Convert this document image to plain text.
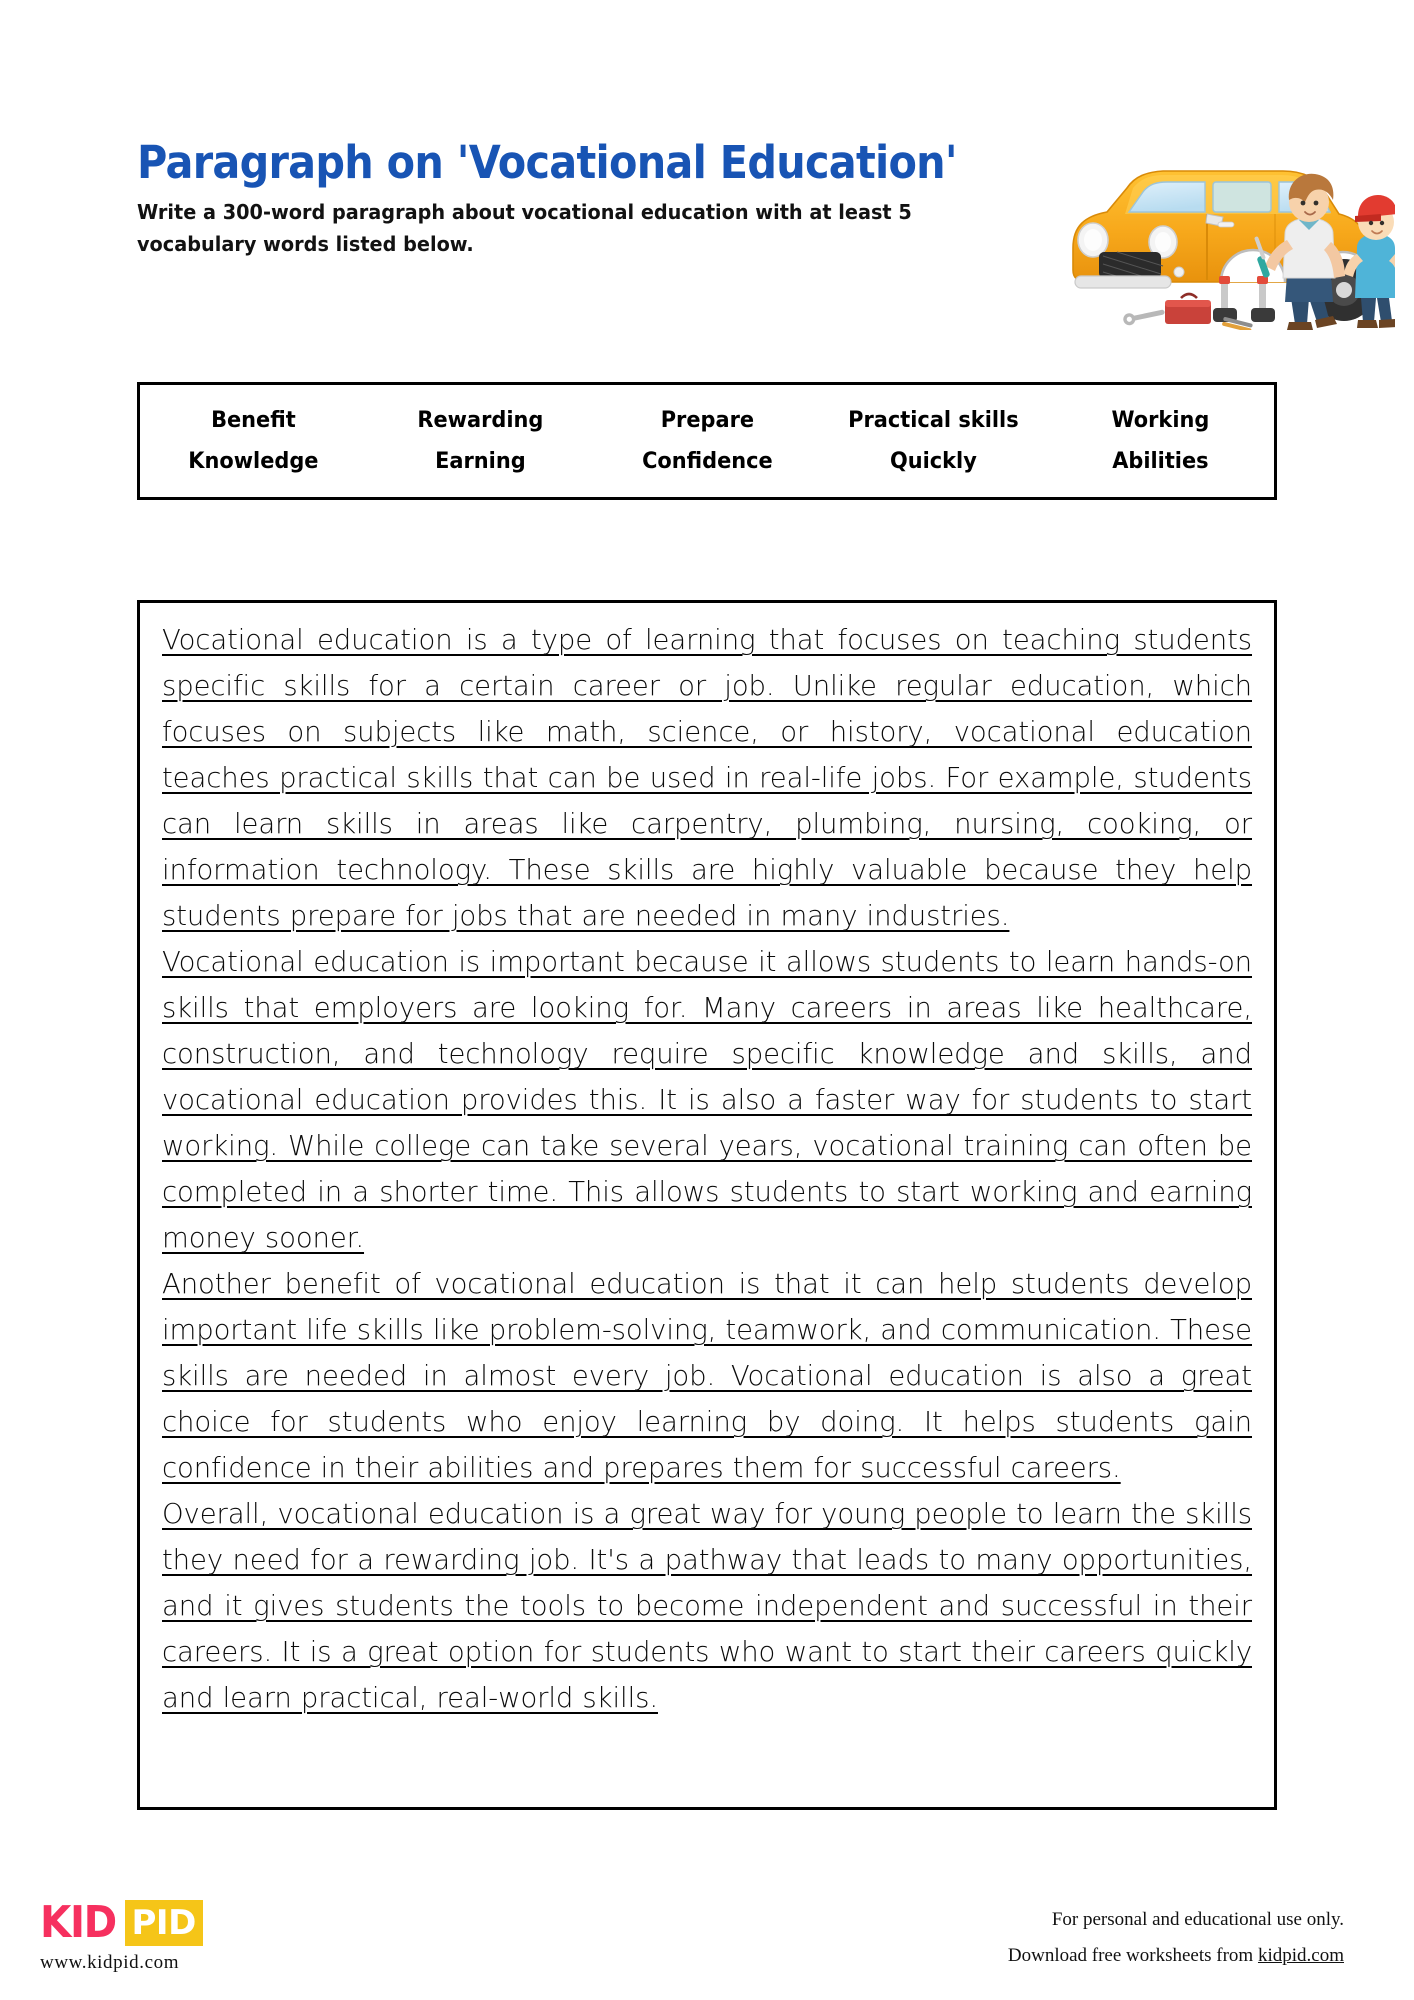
Paragraph on 'Vocational Education'

Write a 300-word paragraph about vocational education with at least 5 vocabulary words listed below.

Benefit	Rewarding	Prepare	Practical skills	Working
Knowledge	Earning	Confidence	Quickly	Abilities

Vocational education is a type of learning that focuses on teaching students specific skills for a certain career or job. Unlike regular education, which focuses on subjects like math, science, or history, vocational education teaches practical skills that can be used in real-life jobs. For example, students can learn skills in areas like carpentry, plumbing, nursing, cooking, or information technology. These skills are highly valuable because they help students prepare for jobs that are needed in many industries.

Vocational education is important because it allows students to learn hands-on skills that employers are looking for. Many careers in areas like healthcare, construction, and technology require specific knowledge and skills, and vocational education provides this. It is also a faster way for students to start working. While college can take several years, vocational training can often be completed in a shorter time. This allows students to start working and earning money sooner.

Another benefit of vocational education is that it can help students develop important life skills like problem-solving, teamwork, and communication. These skills are needed in almost every job. Vocational education is also a great choice for students who enjoy learning by doing. It helps students gain confidence in their abilities and prepares them for successful careers.

Overall, vocational education is a great way for young people to learn the skills they need for a rewarding job. It's a pathway that leads to many opportunities, and it gives students the tools to become independent and successful in their careers. It is a great option for students who want to start their careers quickly and learn practical, real-world skills.

KID PID
www.kidpid.com
For personal and educational use only.
Download free worksheets from kidpid.com
